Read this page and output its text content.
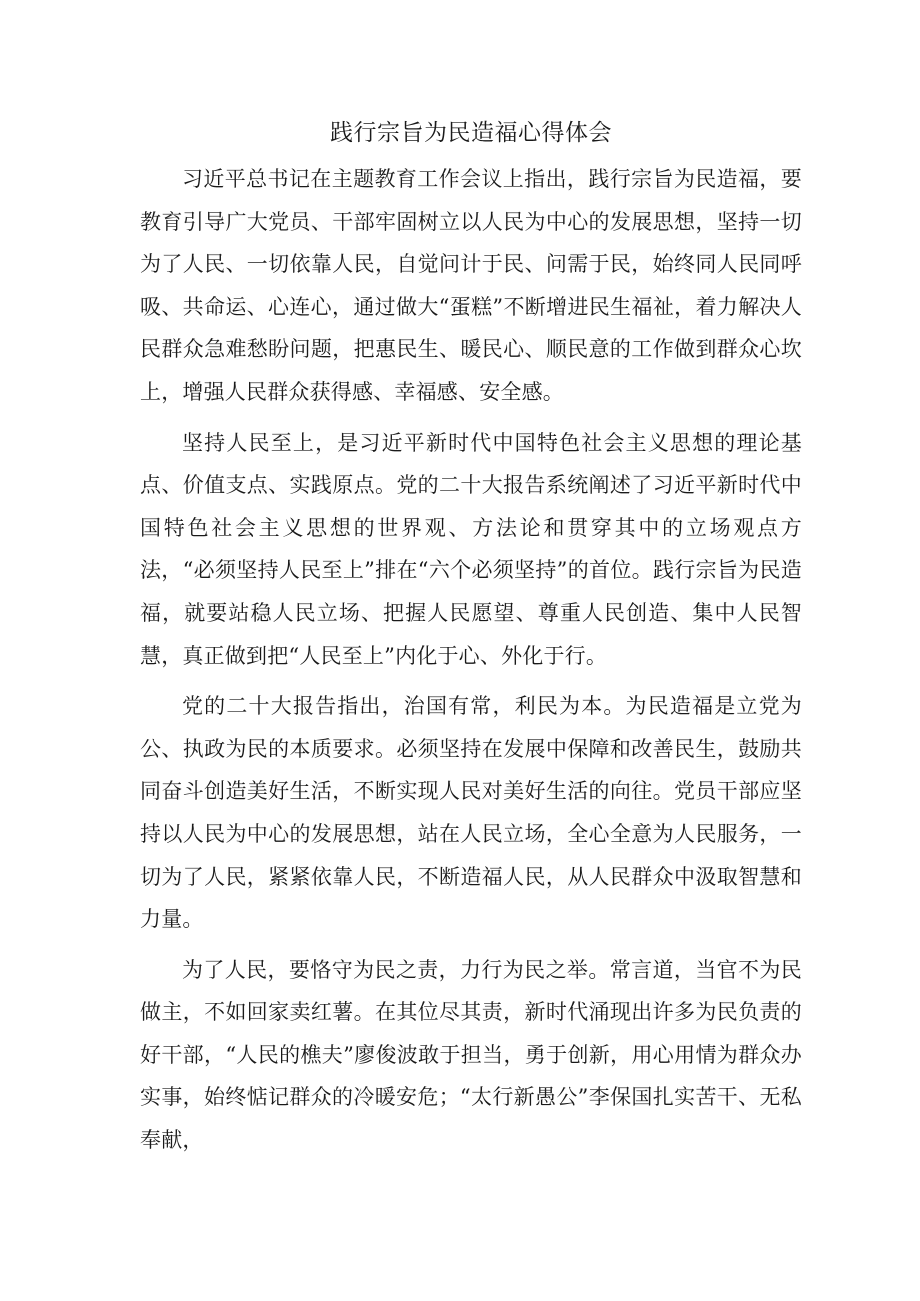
践行宗旨为民造福心得体会

习近平总书记在主题教育工作会议上指出，践行宗旨为民造福，要教育引导广大党员、干部牢固树立以人民为中心的发展思想，坚持一切为了人民、一切依靠人民，自觉问计于民、问需于民，始终同人民同呼吸、共命运、心连心，通过做大“蛋糕”不断增进民生福祉，着力解决人民群众急难愁盼问题，把惠民生、暖民心、顺民意的工作做到群众心坎上，增强人民群众获得感、幸福感、安全感。

坚持人民至上，是习近平新时代中国特色社会主义思想的理论基点、价值支点、实践原点。党的二十大报告系统阐述了习近平新时代中国特色社会主义思想的世界观、方法论和贯穿其中的立场观点方法，“必须坚持人民至上”排在“六个必须坚持”的首位。践行宗旨为民造福，就要站稳人民立场、把握人民愿望、尊重人民创造、集中人民智慧，真正做到把“人民至上”内化于心、外化于行。

党的二十大报告指出，治国有常，利民为本。为民造福是立党为公、执政为民的本质要求。必须坚持在发展中保障和改善民生，鼓励共同奋斗创造美好生活，不断实现人民对美好生活的向往。党员干部应坚持以人民为中心的发展思想，站在人民立场，全心全意为人民服务，一切为了人民，紧紧依靠人民，不断造福人民，从人民群众中汲取智慧和力量。

为了人民，要恪守为民之责，力行为民之举。常言道，当官不为民做主，不如回家卖红薯。在其位尽其责，新时代涌现出许多为民负责的好干部，“人民的樵夫”廖俊波敢于担当，勇于创新，用心用情为群众办实事，始终惦记群众的冷暖安危；“太行新愚公”李保国扎实苦干、无私奉献，
